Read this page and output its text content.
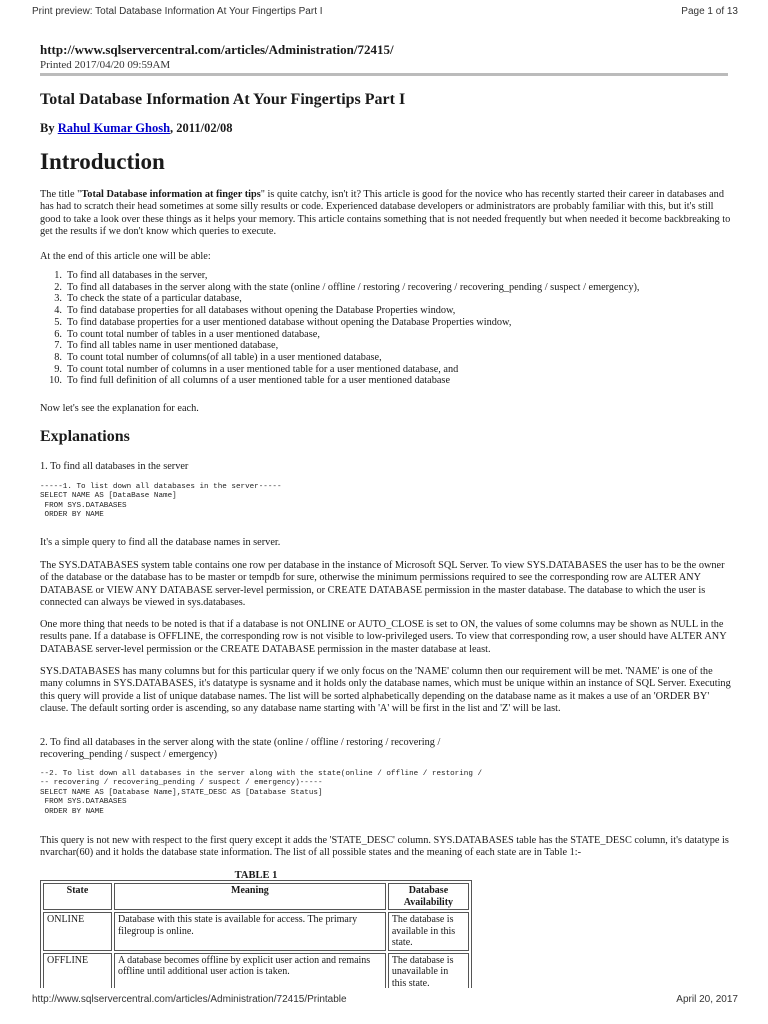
Print preview: Total Database Information At Your Fingertips Part I	Page 1 of 13
http://www.sqlservercentral.com/articles/Administration/72415/
Printed 2017/04/20 09:59AM
Total Database Information At Your Fingertips Part I
By Rahul Kumar Ghosh, 2011/02/08
Introduction

The title "Total Database information at finger tips" is quite catchy, isn't it? This article is good for the novice who has recently started their career in databases and has had to scratch their head sometimes at some silly results or code. Experienced database developers or administrators are probably familiar with this, but it's still good to take a look over these things as it helps your memory. This article contains something that is not needed frequently but when needed it become backbreaking to get the results if we don't know which queries to execute.

At the end of this article one will be able:

1. To find all databases in the server,
2. To find all databases in the server along with the state (online / offline / restoring / recovering / recovering_pending / suspect / emergency),
3. To check the state of a particular database,
4. To find database properties for all databases without opening the Database Properties window,
5. To find database properties for a user mentioned database without opening the Database Properties window,
6. To count total number of tables in a user mentioned database,
7. To find all tables name in user mentioned database,
8. To count total number of columns(of all table) in a user mentioned database,
9. To count total number of columns in a user mentioned table for a user mentioned database, and
10. To find full definition of all columns of a user mentioned table for a user mentioned database

Now let's see the explanation for each.

Explanations

1. To find all databases in the server

-----1. To list down all databases in the server-----
SELECT NAME AS [DataBase Name]
FROM SYS.DATABASES
ORDER BY NAME

It's a simple query to find all the database names in server.

The SYS.DATABASES system table contains one row per database in the instance of Microsoft SQL Server. To view SYS.DATABASES the user has to be the owner of the database or the database has to be master or tempdb for sure, otherwise the minimum permissions required to see the corresponding row are ALTER ANY DATABASE or VIEW ANY DATABASE server-level permission, or CREATE DATABASE permission in the master database. The database to which the user is connected can always be viewed in sys.databases.

One more thing that needs to be noted is that if a database is not ONLINE or AUTO_CLOSE is set to ON, the values of some columns may be shown as NULL in the results pane. If a database is OFFLINE, the corresponding row is not visible to low-privileged users. To view that corresponding row, a user should have ALTER ANY DATABASE server-level permission or the CREATE DATABASE permission in the master database at least.

SYS.DATABASES has many columns but for this particular query if we only focus on the 'NAME' column then our requirement will be met. 'NAME' is one of the many columns in SYS.DATABASES, it's datatype is sysname and it holds only the database names, which must be unique within an instance of SQL Server. Executing this query will provide a list of unique database names. The list will be sorted alphabetically depending on the database name as it makes a use of an 'ORDER BY' clause. The default sorting order is ascending, so any database name starting with 'A' will be first in the list and 'Z' will be last.

2. To find all databases in the server along with the state (online / offline / restoring / recovering / recovering_pending / suspect / emergency)

--2. To list down all databases in the server along with the state(online / offline / restoring /
-- recovering / recovering_pending / suspect / emergency)-----
SELECT NAME AS [Database Name],STATE_DESC AS [Database Status]
FROM SYS.DATABASES
ORDER BY NAME

This query is not new with respect to the first query except it adds the 'STATE_DESC' column. SYS.DATABASES table has the STATE_DESC column, it's datatype is nvarchar(60) and it holds the database state information. The list of all possible states and the meaning of each state are in Table 1:-

TABLE 1
State	Meaning	Database Availability
ONLINE	Database with this state is available for access. The primary filegroup is online.	The database is available in this state.
OFFLINE	A database becomes offline by explicit user action and remains offline until additional user action is taken.	The database is unavailable in this state.
http://www.sqlservercentral.com/articles/Administration/72415/Printable	April 20, 2017
